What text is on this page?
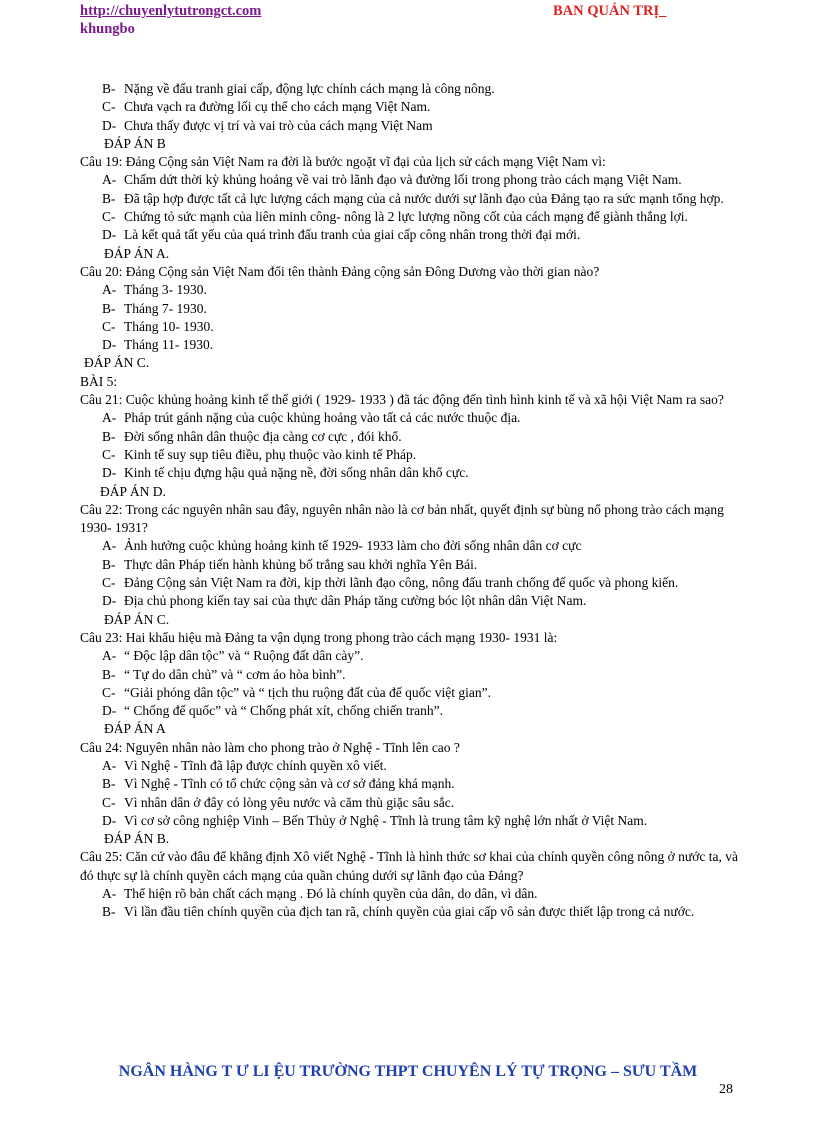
http://chuyenlytutrongct.com	BAN QUẢN TRỊ_
khungbo
B- Nặng về đấu tranh giai cấp, động lực chính cách mạng là công nông.
C- Chưa vạch ra đường lối cụ thể cho cách mạng Việt Nam.
D- Chưa thấy được vị trí và vai trò của cách mạng Việt Nam
ĐÁP ÁN B
Câu 19: Đảng Cộng sản Việt Nam ra đời là bước ngoặt vĩ đại của lịch sử cách mạng Việt Nam vì:
A- Chấm dứt thời kỳ khủng hoảng về vai trò lãnh đạo và đường lối trong phong trào cách mạng Việt Nam.
B- Đã tập hợp được tất cả lực lượng cách mạng của cả nước dưới sự lãnh đạo của Đảng tạo ra sức mạnh tổng hợp.
C- Chứng tỏ sức mạnh của liên minh công- nông là 2 lực lượng nồng cốt của cách mạng để giành thắng lợi.
D- Là kết quả tất yếu của quá trình đấu tranh của giai cấp công nhân trong thời đại mới.
ĐÁP ÁN A.
Câu 20: Đảng Cộng sản Việt Nam đổi tên thành Đảng cộng sản Đông Dương vào thời gian nào?
A- Tháng 3- 1930.
B- Tháng 7- 1930.
C- Tháng 10- 1930.
D- Tháng 11- 1930.
ĐÁP ÁN C.
BÀI 5:
Câu 21: Cuộc khủng hoảng kinh tế thế giới ( 1929- 1933 ) đã tác động đến tình hình kinh tế và xã hội Việt Nam ra sao?
A- Pháp trút gánh nặng của cuộc khủng hoảng vào tất cả các nước thuộc địa.
B- Đời sống nhân dân thuộc địa càng cơ cực , đói khổ.
C- Kinh tế suy sụp tiêu điều, phụ thuộc vào kinh tế Pháp.
D- Kinh tế chịu đựng hậu quả nặng nề, đời sống nhân dân khổ cực.
ĐÁP ÁN D.
Câu 22: Trong các nguyên nhân sau đây, nguyên nhân nào là cơ bản nhất, quyết định sự bùng nổ phong trào cách mạng 1930- 1931?
A- Ảnh hưởng cuộc khủng hoảng kinh tế 1929- 1933 làm cho đời sống nhân dân cơ cực
B- Thực dân Pháp tiến hành khủng bố trắng sau khởi nghĩa Yên Bái.
C- Đảng Cộng sản Việt Nam ra đời, kịp thời lãnh đạo công, nông đấu tranh chống đế quốc và phong kiến.
D- Địa chủ phong kiến tay sai của thực dân Pháp tăng cường bóc lột nhân dân Việt Nam.
ĐÁP ÁN C.
Câu 23: Hai khẩu hiệu mà Đảng ta vận dụng trong phong trào cách mạng 1930- 1931 là:
A- “ Độc lập dân tộc” và “ Ruộng đất dân cày”.
B- “ Tự do dân chủ” và “ cơm áo hòa bình”.
C- “Giải phóng dân tộc” và “ tịch thu ruộng đất của đế quốc việt gian”.
D- “ Chống đế quốc” và “ Chống phát xít, chống chiến tranh”.
ĐÁP ÁN A
Câu 24: Nguyên nhân nào làm cho phong trào ở Nghệ - Tĩnh lên cao ?
A- Vì Nghệ - Tĩnh đã lập được chính quyền xô viết.
B- Vì Nghệ - Tĩnh có tổ chức cộng sản và cơ sở đảng khá mạnh.
C- Vì nhân dân ở đây có lòng yêu nước và căm thù giặc sâu sắc.
D- Vì cơ sở công nghiệp Vinh – Bến Thủy ở Nghệ - Tĩnh là trung tâm kỹ nghệ lớn nhất ở Việt Nam.
ĐÁP ÁN B.
Câu 25: Căn cứ vào đâu để khẳng định Xô viết Nghệ - Tĩnh là hình thức sơ khai của chính quyền công nông ở nước ta, và đó thực sự là chính quyền cách mạng của quần chúng dưới sự lãnh đạo của Đảng?
A- Thể hiện rõ bản chất cách mạng . Đó là chính quyền của dân, do dân, vì dân.
B- Vì lần đầu tiên chính quyền của địch tan rã, chính quyền của giai cấp vô sản được thiết lập trong cả nước.
NGÂN HÀNG T Ư LI ỆU TRƯỜNG THPT CHUYÊN LÝ TỰ TRỌNG – SƯU TẦM
28
